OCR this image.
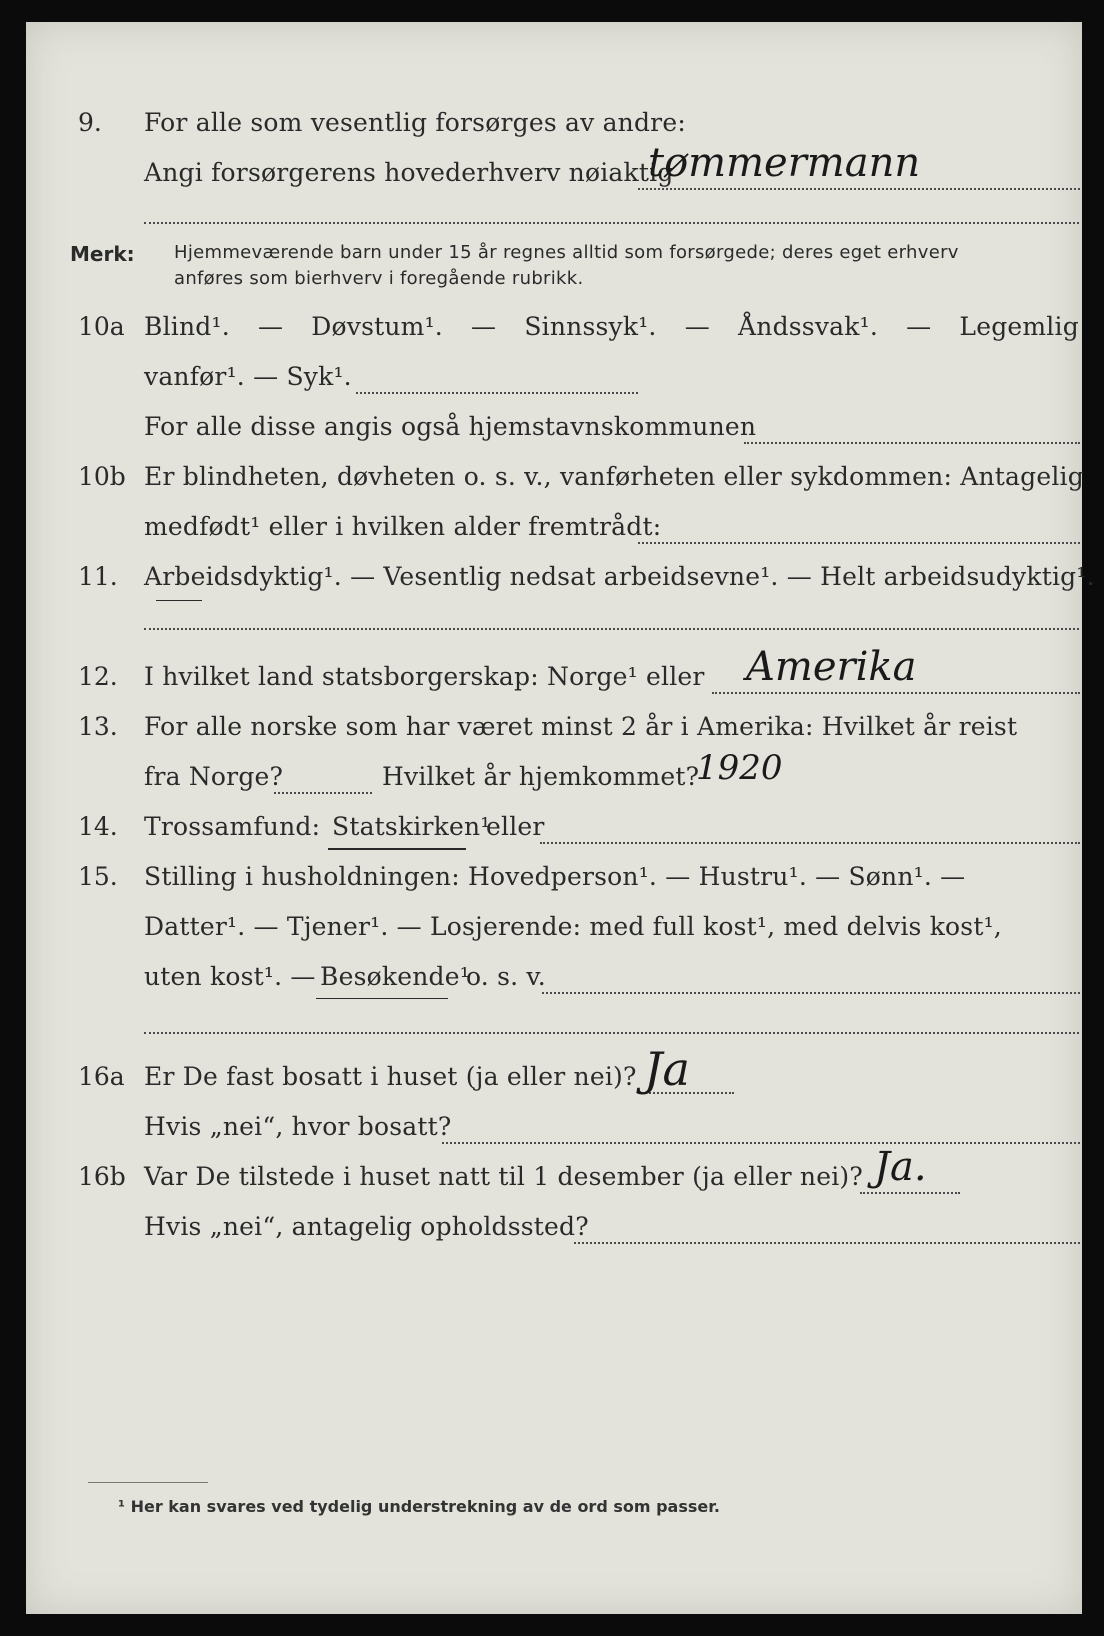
9. For alle som vesentlig forsørges av andre:
Angi forsørgerens hovederhverv nøiaktig
tømmermann
Merk: Hjemmeværende barn under 15 år regnes alltid som forsørgede; deres eget erhverv
anføres som bierhverv i foregående rubrikk.
10a Blind¹. — Døvstum¹. — Sinnssyk¹. — Åndssvak¹. — Legemlig
vanfør¹. — Syk¹.
For alle disse angis også hjemstavnskommunen
10b Er blindheten, døvheten o. s. v., vanførheten eller sykdommen: Antagelig
medfødt¹ eller i hvilken alder fremtrådt:
11. Arbeidsdyktig¹. — Vesentlig nedsat arbeidsevne¹. — Helt arbeidsudyktig¹.
12. I hvilket land statsborgerskap: Norge¹ eller Amerika
13. For alle norske som har været minst 2 år i Amerika: Hvilket år reist
fra Norge?	Hvilket år hjemkommet?
1920
14. Trossamfund: Statskirken¹
eller
15. Stilling i husholdningen: Hovedperson¹. — Hustru¹. — Sønn¹. —
Datter¹. — Tjener¹. — Losjerende: med full kost¹, med delvis kost¹,
uten kost¹. — Besøkende¹
o. s. v.
16a Er De fast bosatt i huset (ja eller nei)? Ja
Hvis „nei“, hvor bosatt?
16b Var De tilstede i huset natt til 1 desember (ja eller nei)? Ja.
Hvis „nei“, antagelig opholdssted?
¹ Her kan svares ved tydelig understrekning av de ord som passer.
